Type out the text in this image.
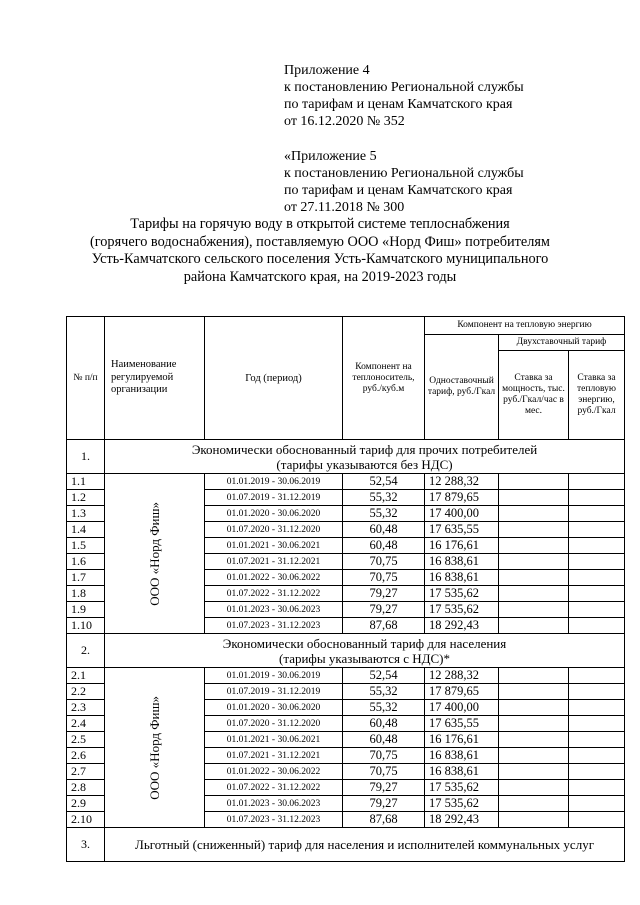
Приложение 4
к постановлению Региональной службы
по тарифам и ценам Камчатского края
от 16.12.2020 № 352
«Приложение 5
к постановлению Региональной службы
по тарифам и ценам Камчатского края
от 27.11.2018 № 300
Тарифы на горячую воду в открытой системе теплоснабжения
(горячего водоснабжения), поставляемую ООО «Норд Фиш» потребителям
Усть-Камчатского сельского поселения Усть-Камчатского муниципального
района Камчатского края, на 2019-2023 годы
№ п/п	Наименование регулируемой организации	Год (период)	Компонент на теплоноситель, руб./куб.м	Компонент на тепловую энергию		
				Одноставочный тариф, руб./Гкал	Двухставочный тариф	
					Ставка за мощность, тыс. руб./Гкал/час в мес.	Ставка за тепловую энергию, руб./Гкал
1.	Экономически обоснованный тариф для прочих потребителей
(тарифы указываются без НДС)					

1.1	ООО «Норд Фиш»	01.01.2019 - 30.06.2019	52,54	12 288,32		
1.2		01.07.2019 - 31.12.2019	55,32	17 879,65		
1.3		01.01.2020 - 30.06.2020	55,32	17 400,00		
1.4		01.07.2020 - 31.12.2020	60,48	17 635,55		
1.5		01.01.2021 - 30.06.2021	60,48	16 176,61		
1.6		01.07.2021 - 31.12.2021	70,75	16 838,61		
1.7		01.01.2022 - 30.06.2022	70,75	16 838,61		
1.8		01.07.2022 - 31.12.2022	79,27	17 535,62		
1.9		01.01.2023 - 30.06.2023	79,27	17 535,62		
1.10		01.07.2023 - 31.12.2023	87,68	18 292,43		
2.	Экономически обоснованный тариф для населения
(тарифы указываются с НДС)*					

2.1	ООО «Норд Фиш»	01.01.2019 - 30.06.2019	52,54	12 288,32		
2.2		01.07.2019 - 31.12.2019	55,32	17 879,65		
2.3		01.01.2020 - 30.06.2020	55,32	17 400,00		
2.4		01.07.2020 - 31.12.2020	60,48	17 635,55		
2.5		01.01.2021 - 30.06.2021	60,48	16 176,61		
2.6		01.07.2021 - 31.12.2021	70,75	16 838,61		
2.7		01.01.2022 - 30.06.2022	70,75	16 838,61		
2.8		01.07.2022 - 31.12.2022	79,27	17 535,62		
2.9		01.01.2023 - 30.06.2023	79,27	17 535,62		
2.10		01.07.2023 - 31.12.2023	87,68	18 292,43		
3.	Льготный (сниженный) тариф для населения и исполнителей коммунальных услуг					
